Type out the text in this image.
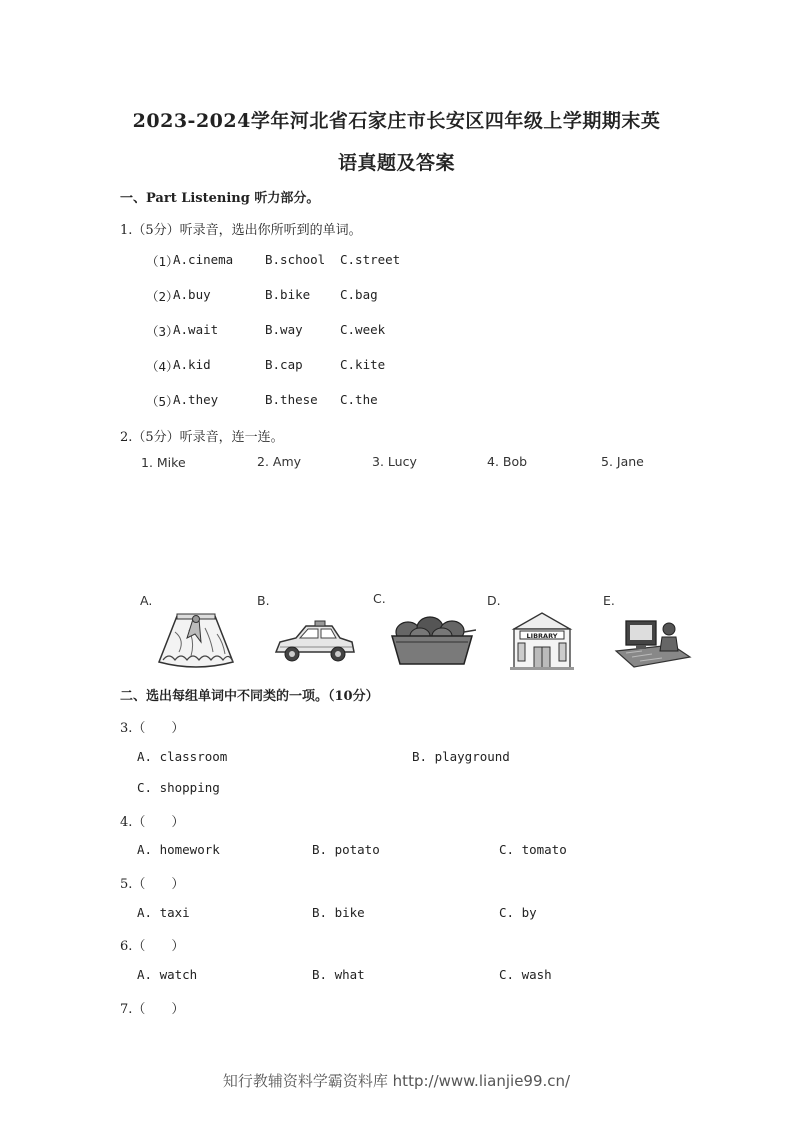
2023-2024学年河北省石家庄市长安区四年级上学期期末英
语真题及答案
一、Part Listening 听力部分。
1.（5分）听录音，选出你所听到的单词。
（1）
A.cinema	B.school C.street
（2）
A.buy	B.bike C.bag
（3）
A.wait	B.way	C.week
（4）
A.kid	B.cap	C.kite
（5）
A.they	B.these C.the
2.（5分）听录音，连一连。
1. Mike	2. Amy	3. Lucy	4. Bob	5. Jane
A.	B.	C.	D.	E.
LIBRARY
二、选出每组单词中不同类的一项。（10分）
3.（　　）
A. classroom	B. playground
C. shopping
4.（　　）
A. homework	B. potato	C. tomato
5.（　　）
A. taxi	B. bike	C. by
6.（　　）
A. watch	B. what	C. wash
7.（　　）
知行教辅资料学霸资料库 http://www.lianjie99.cn/
